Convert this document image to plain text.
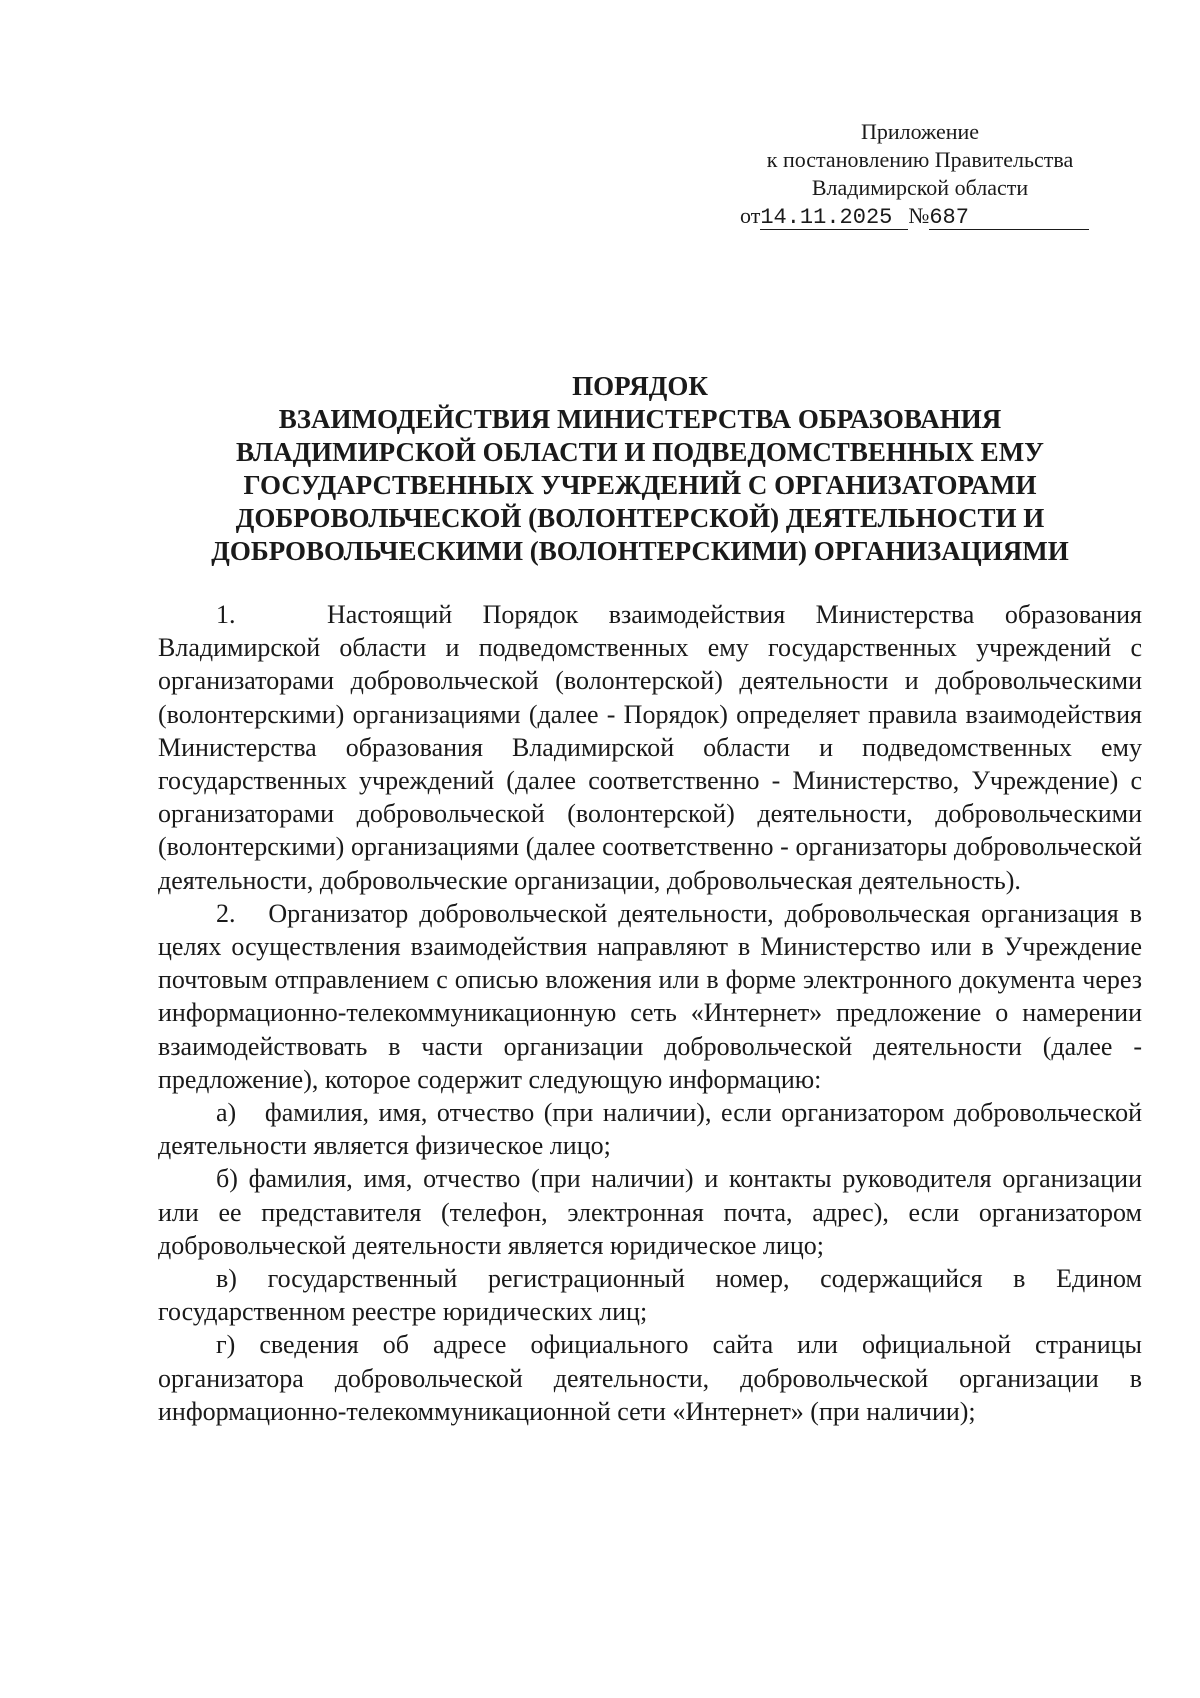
Приложение
к постановлению Правительства
Владимирской области
от14.11.2025 №687
ПОРЯДОК
ВЗАИМОДЕЙСТВИЯ МИНИСТЕРСТВА ОБРАЗОВАНИЯ
ВЛАДИМИРСКОЙ ОБЛАСТИ И ПОДВЕДОМСТВЕННЫХ ЕМУ
ГОСУДАРСТВЕННЫХ УЧРЕЖДЕНИЙ С ОРГАНИЗАТОРАМИ
ДОБРОВОЛЬЧЕСКОЙ (ВОЛОНТЕРСКОЙ) ДЕЯТЕЛЬНОСТИ И
ДОБРОВОЛЬЧЕСКИМИ (ВОЛОНТЕРСКИМИ) ОРГАНИЗАЦИЯМИ

1.   Настоящий Порядок взаимодействия Министерства образования Владимирской области и подведомственных ему государственных учреждений с организаторами добровольческой (волонтерской) деятельности и добровольческими (волонтерскими) организациями (далее - Порядок) определяет правила взаимодействия Министерства образования Владимирской области и подведомственных ему государственных учреждений (далее соответственно - Министерство, Учреждение) с организаторами добровольческой (волонтерской) деятельности, добровольческими (волонтерскими) организациями (далее соответственно - организаторы добровольческой деятельности, добровольческие организации, добровольческая деятельность).

2.   Организатор добровольческой деятельности, добровольческая организация в целях осуществления взаимодействия направляют в Министерство или в Учреждение почтовым отправлением с описью вложения или в форме электронного документа через информационно-телекоммуникационную сеть «Интернет» предложение о намерении взаимодействовать в части организации добровольческой деятельности (далее - предложение), которое содержит следующую информацию:

а)   фамилия, имя, отчество (при наличии), если организатором добровольческой деятельности является физическое лицо;

б) фамилия, имя, отчество (при наличии) и контакты руководителя организации или ее представителя (телефон, электронная почта, адрес), если организатором добровольческой деятельности является юридическое лицо;

в) государственный регистрационный номер, содержащийся в Едином государственном реестре юридических лиц;

г) сведения об адресе официального сайта или официальной страницы организатора добровольческой деятельности, добровольческой организации в информационно-телекоммуникационной сети «Интернет» (при наличии);
